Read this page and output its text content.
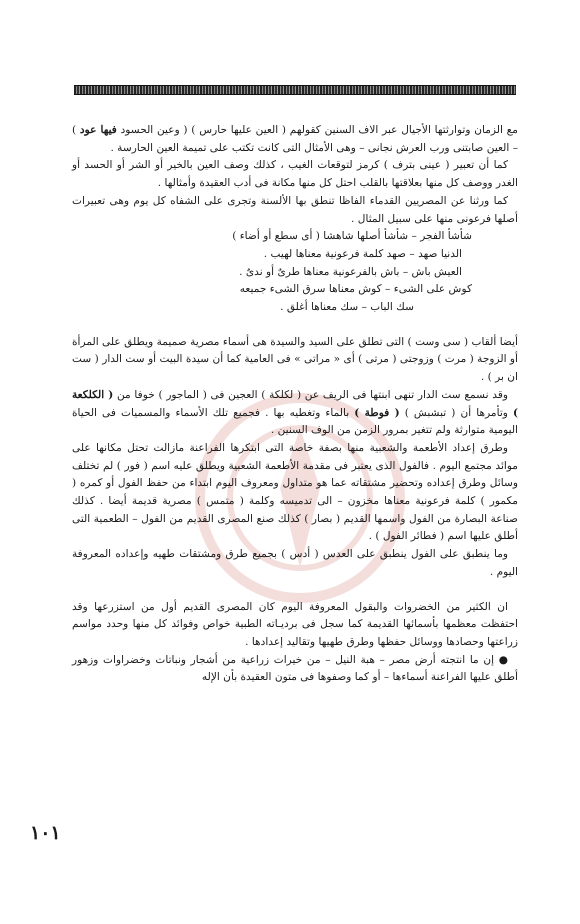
مع الزمان وتوارثتها الأجيال عبر الاف السنين كقولهم ( العين عليها حارس ) ( وعين الحسود فيها عود ) – العين صابتنى ورب العرش نجانى – وهى الأمثال التى كانت تكتب على تميمة العين الحارسة .

كما أن تعبير ( عينى بترف ) كرمز لتوقعات الغيب ، كذلك وصف العين بالخير أو الشر أو الحسد أو الغدر ووصف كل منها بعلاقتها بالقلب احتل كل منها مكانة فى أدب العقيدة وأمثالها .

كما ورثنا عن المصريين القدماء الفاظا تنطق بها الألسنة وتجرى على الشفاه كل يوم وهى تعبيرات أصلها فرعونى منها على سبيل المثال .

شأشأ الفجر – شأشأ أصلها شاهشا ( أى سطع أو أضاء )
الدنيا صهد – صهد كلمة فرعونية معناها لهيب .
العيش باش – باش بالفرعونية معناها طرىٌ أو ندىٌ .
كوش على الشىء – كوش معناها سرق الشىء جميعه
سك الباب – سك معناها أغلق .

أيضا ألقاب ( سى وست ) التى تطلق على السيد والسيدة هى أسماء مصرية صميمة ويطلق على المرأة أو الزوجة ( مرت ) وزوجتى ( مرتى ) أى « مراتى » فى العامية كما أن سيدة البيت أو ست الدار ( ست ان بر ) .

وقد نسمع ست الدار تنهى ابنتها فى الريف عن ( لكلكة ) العجين فى ( الماجور ) خوفا من ( الكلكعة ) وتأمرها أن ( تبشبش ) ( فوطة ) بالماء وتغطيه بها . فجميع تلك الأسماء والمسميات فى الحياة اليومية متوارثة ولم تتغير بمرور الزمن من الوف السنين .

وطرق إعداد الأطعمة والشعبية منها بصفة خاصة التى ابتكرها الفراعنة مازالت تحتل مكانها على موائد مجتمع اليوم . فالفول الذى يعتبر فى مقدمة الأطعمة الشعبية ويطلق عليه اسم ( فور ) لم تختلف وسائل وطرق إعداده وتحضير مشتقاته عما هو متداول ومعروف اليوم ابتداء من حفظ الفول أو كمره ( مكمور ) كلمة فرعونية معناها مخزون – الى تدميسه وكلمة ( متمس ) مصرية قديمة أيضا . كذلك صناعة البصارة من الفول واسمها القديم ( بصار ) كذلك صنع المصرى القديم من الفول – الطعمية التى أطلق عليها اسم ( فطائر الفول ) .

وما ينطبق على الفول ينطبق على العدس ( أدس ) بجميع طرق ومشتقات طهيه وإعداده المعروفة اليوم .

ان الكثير من الخضروات والبقول المعروفة اليوم كان المصرى القديم أول من استزرعها وقد احتفظت معظمها بأسمائها القديمة كما سجل فى برديـاته الطبية خواص وفوائد كل منها وحدد مواسم زراعتها وحصادها ووسائل حفظها وطرق طهيها وتقاليد إعدادها .

● إن ما انتجته أرض مصر – هبة النيل – من خيرات زراعية من أشجار ونباتات وخضراوات وزهور أطلق عليها الفراعنة أسماءها – أو كما وصفوها فى متون العقيدة بأن الإله

١٠١
